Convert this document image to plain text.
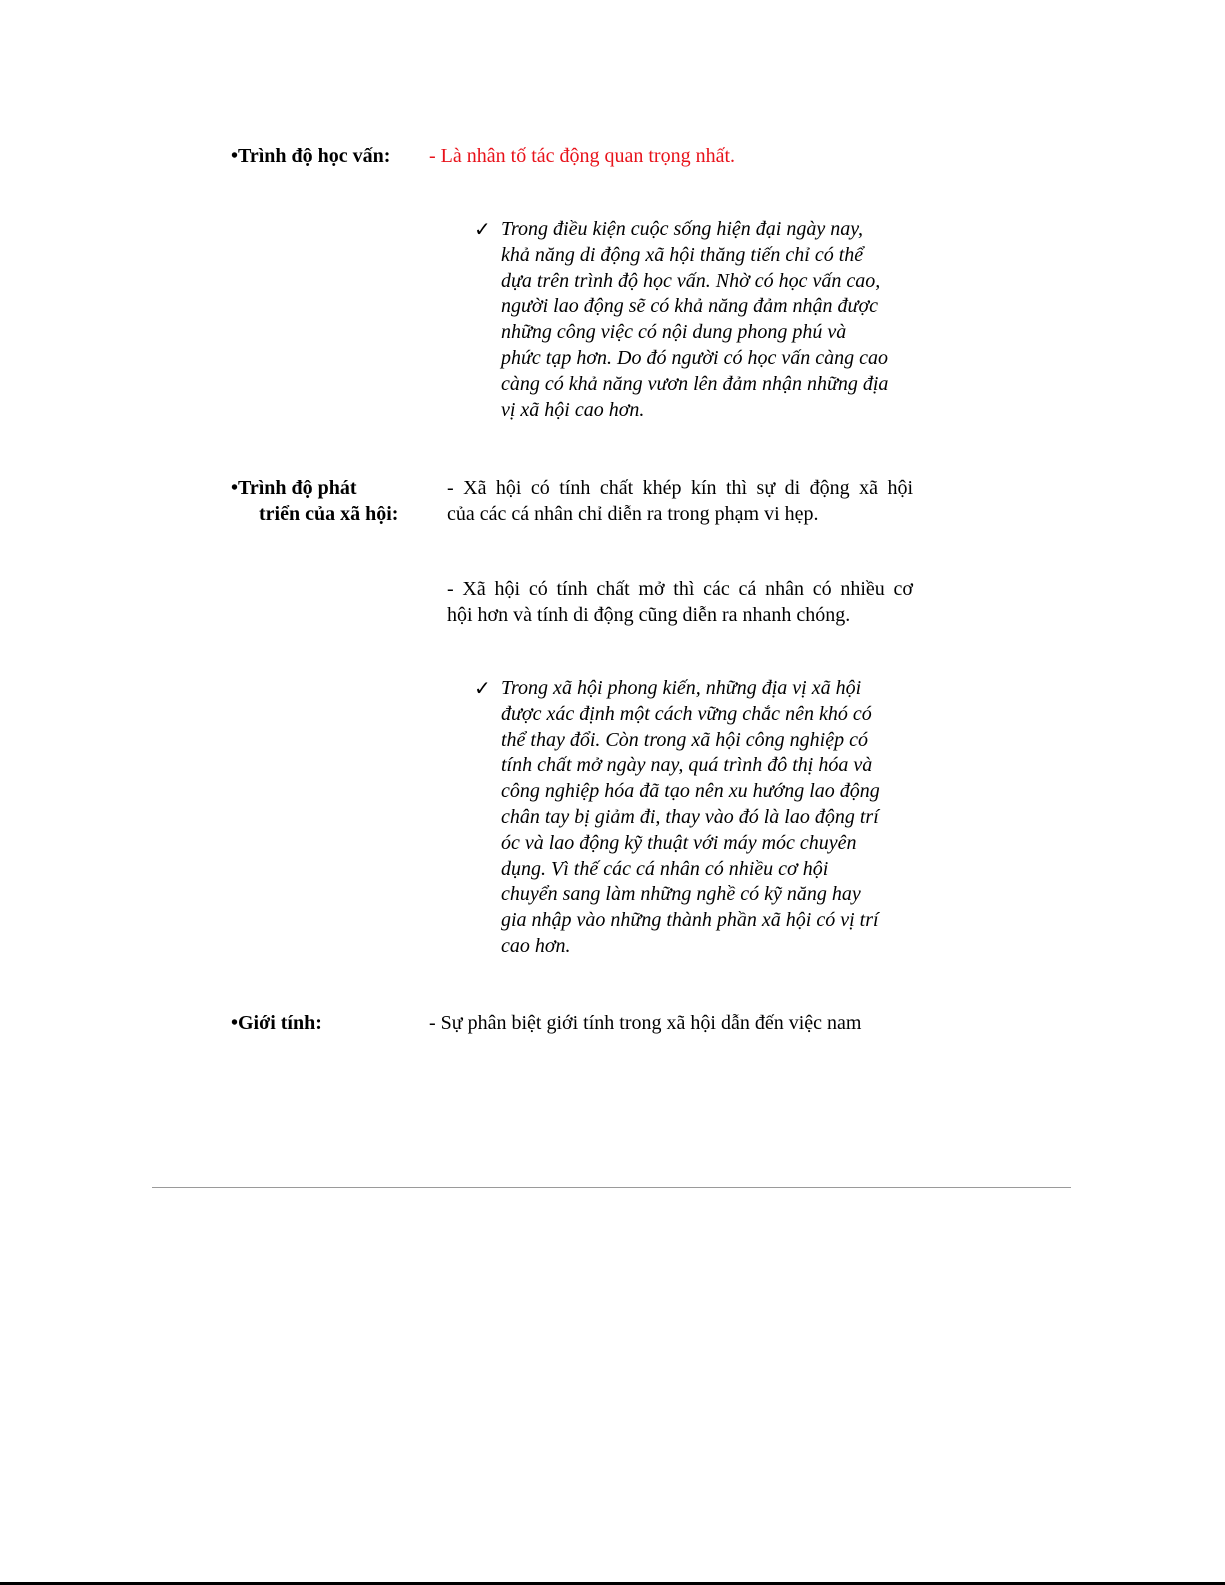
•Trình độ học vấn: - Là nhân tố tác động quan trọng nhất.
✓ Trong điều kiện cuộc sống hiện đại ngày nay,
khả năng di động xã hội thăng tiến chỉ có thể
dựa trên trình độ học vấn. Nhờ có học vấn cao,
người lao động sẽ có khả năng đảm nhận được
những công việc có nội dung phong phú và
phức tạp hơn. Do đó người có học vấn càng cao
càng có khả năng vươn lên đảm nhận những địa
vị xã hội cao hơn.
•Trình độ phát
triển của xã hội:
- Xã hội có tính chất khép kín thì sự di động xã hội
của các cá nhân chỉ diễn ra trong phạm vi hẹp.
- Xã hội có tính chất mở thì các cá nhân có nhiều cơ
hội hơn và tính di động cũng diễn ra nhanh chóng.
✓ Trong xã hội phong kiến, những địa vị xã hội
được xác định một cách vững chắc nên khó có
thể thay đổi. Còn trong xã hội công nghiệp có
tính chất mở ngày nay, quá trình đô thị hóa và
công nghiệp hóa đã tạo nên xu hướng lao động
chân tay bị giảm đi, thay vào đó là lao động trí
óc và lao động kỹ thuật với máy móc chuyên
dụng. Vì thế các cá nhân có nhiều cơ hội
chuyển sang làm những nghề có kỹ năng hay
gia nhập vào những thành phần xã hội có vị trí
cao hơn.
•Giới tính:	- Sự phân biệt giới tính trong xã hội dẫn đến việc nam
